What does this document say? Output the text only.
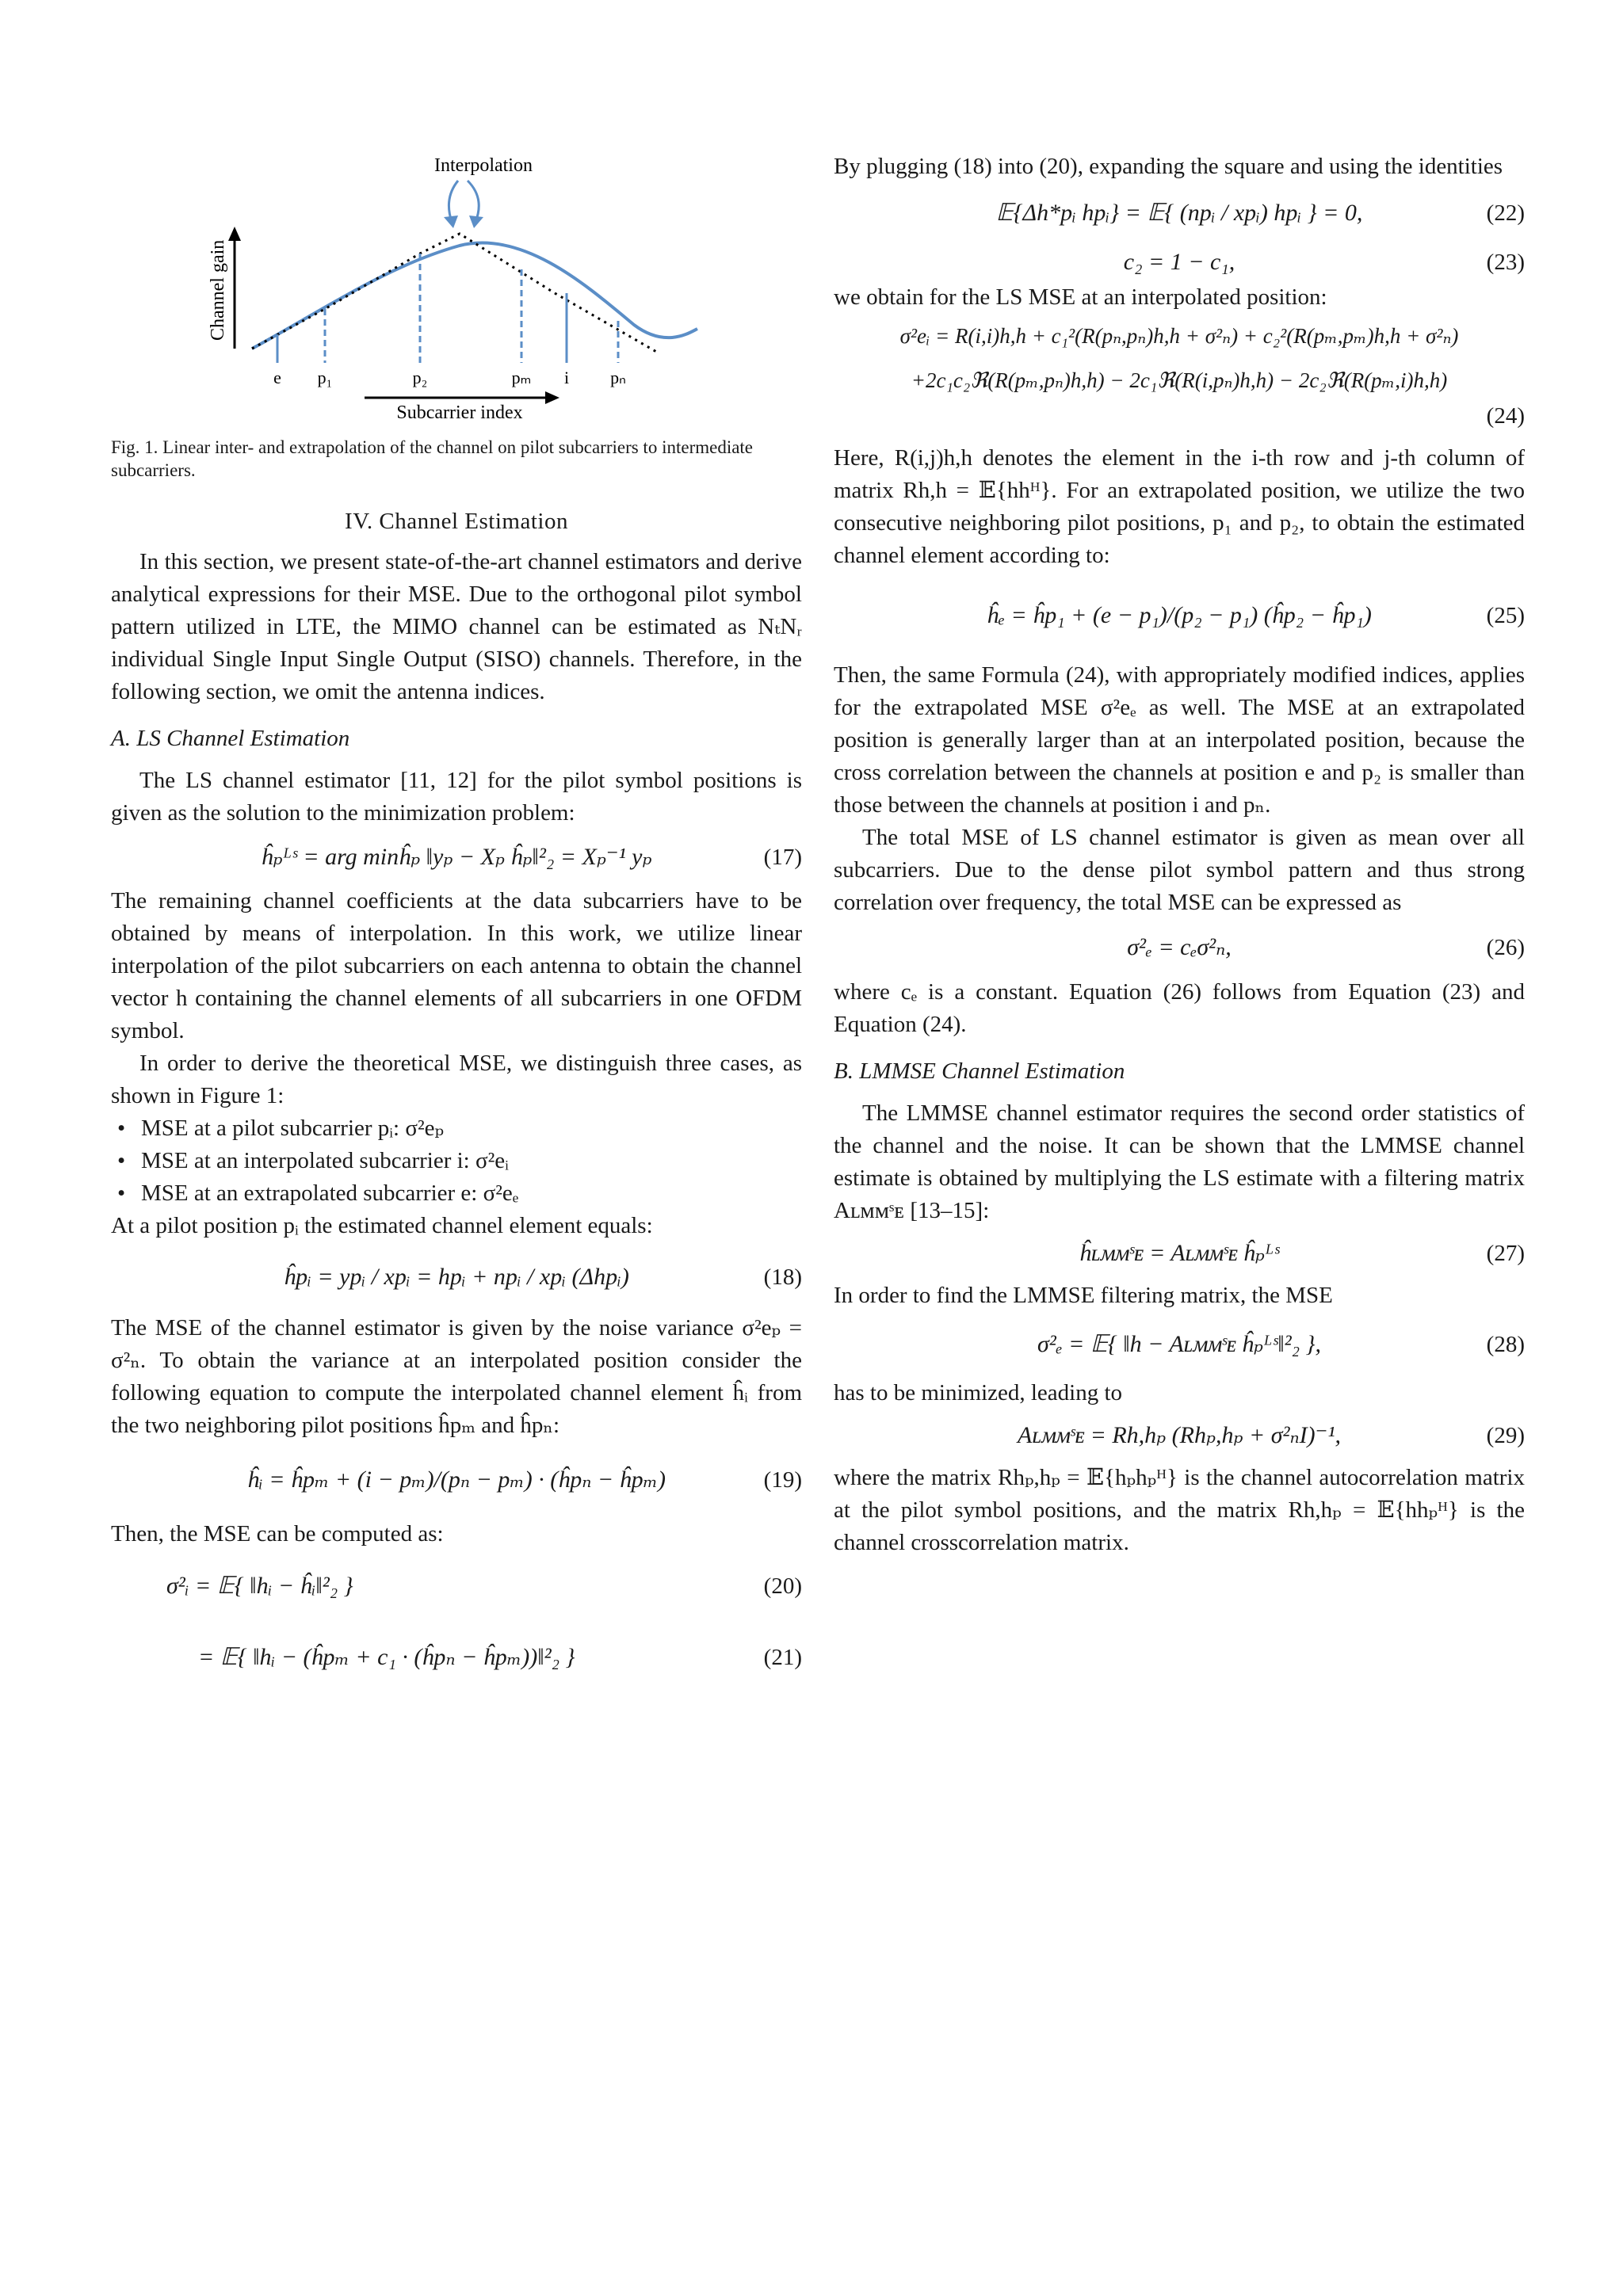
Interpolation
Channel gain
e p₁	p₂	pₘ i pₙ
Subcarrier index

Fig. 1. Linear inter- and extrapolation of the channel on pilot subcarriers to intermediate subcarriers.

IV. Channel Estimation

In this section, we present state-of-the-art channel estimators and derive analytical expressions for their MSE. Due to the orthogonal pilot symbol pattern utilized in LTE, the MIMO channel can be estimated as NₜNᵣ individual Single Input Single Output (SISO) channels. Therefore, in the following section, we omit the antenna indices.

A. LS Channel Estimation

The LS channel estimator [11, 12] for the pilot symbol positions is given as the solution to the minimization problem:

ĥₚᴸˢ = arg minĥₚ ‖yₚ − Xₚ ĥₚ‖²₂ = Xₚ⁻¹ yₚ	(17)

The remaining channel coefficients at the data subcarriers have to be obtained by means of interpolation. In this work, we utilize linear interpolation of the pilot subcarriers on each antenna to obtain the channel vector h containing the channel elements of all subcarriers in one OFDM symbol.

In order to derive the theoretical MSE, we distinguish three cases, as shown in Figure 1:

• MSE at a pilot subcarrier pᵢ: σ²eₚ
• MSE at an interpolated subcarrier i: σ²eᵢ
• MSE at an extrapolated subcarrier e: σ²eₑ

At a pilot position pᵢ the estimated channel element equals:

ĥpᵢ = ypᵢ / xpᵢ = hpᵢ + npᵢ / xpᵢ (Δhpᵢ)	(18)

The MSE of the channel estimator is given by the noise variance σ²eₚ = σ²ₙ. To obtain the variance at an interpolated position consider the following equation to compute the interpolated channel element ĥᵢ from the two neighboring pilot positions ĥpₘ and ĥpₙ:

ĥᵢ = ĥpₘ + (i − pₘ)/(pₙ − pₘ) · (ĥpₙ − ĥpₘ)	(19)

Then, the MSE can be computed as:

σ²ᵢ = 𝔼{ ‖hᵢ − ĥᵢ‖²₂ }	(20)
= 𝔼{ ‖hᵢ − (ĥpₘ + c₁ · (ĥpₙ − ĥpₘ))‖²₂ }	(21)

By plugging (18) into (20), expanding the square and using the identities

𝔼{Δh*pᵢ hpᵢ} = 𝔼{ (npᵢ / xpᵢ) hpᵢ } = 0,	(22)
c₂ = 1 − c₁,	(23)

we obtain for the LS MSE at an interpolated position:

σ²eᵢ = R(i,i)h,h + c₁²(R(pₙ,pₙ)h,h + σ²ₙ) + c₂²(R(pₘ,pₘ)h,h + σ²ₙ)
+2c₁c₂ℜ(R(pₘ,pₙ)h,h) − 2c₁ℜ(R(i,pₙ)h,h) − 2c₂ℜ(R(pₘ,i)h,h)
(24)

Here, R(i,j)h,h denotes the element in the i-th row and j-th column of matrix Rh,h = 𝔼{hhᴴ}. For an extrapolated position, we utilize the two consecutive neighboring pilot positions, p₁ and p₂, to obtain the estimated channel element according to:

ĥₑ = ĥp₁ + (e − p₁)/(p₂ − p₁) (ĥp₂ − ĥp₁)	(25)

Then, the same Formula (24), with appropriately modified indices, applies for the extrapolated MSE σ²eₑ as well. The MSE at an extrapolated position is generally larger than at an interpolated position, because the cross correlation between the channels at position e and p₂ is smaller than those between the channels at position i and pₙ.

The total MSE of LS channel estimator is given as mean over all subcarriers. Due to the dense pilot symbol pattern and thus strong correlation over frequency, the total MSE can be expressed as

σ²ₑ = cₑσ²ₙ,	(26)

where cₑ is a constant. Equation (26) follows from Equation (23) and Equation (24).

B. LMMSE Channel Estimation

The LMMSE channel estimator requires the second order statistics of the channel and the noise. It can be shown that the LMMSE channel estimate is obtained by multiplying the LS estimate with a filtering matrix Aʟᴍᴍˢᴇ [13–15]:

ĥʟᴍᴍˢᴇ = Aʟᴍᴍˢᴇ ĥₚᴸˢ	(27)

In order to find the LMMSE filtering matrix, the MSE

σ²ₑ = 𝔼{ ‖h − Aʟᴍᴍˢᴇ ĥₚᴸˢ‖²₂ },	(28)

has to be minimized, leading to

Aʟᴍᴍˢᴇ = Rh,hₚ (Rhₚ,hₚ + σ²ₙI)⁻¹,	(29)

where the matrix Rhₚ,hₚ = 𝔼{hₚhₚᴴ} is the channel autocorrelation matrix at the pilot symbol positions, and the matrix Rh,hₚ = 𝔼{hhₚᴴ} is the channel crosscorrelation matrix.
